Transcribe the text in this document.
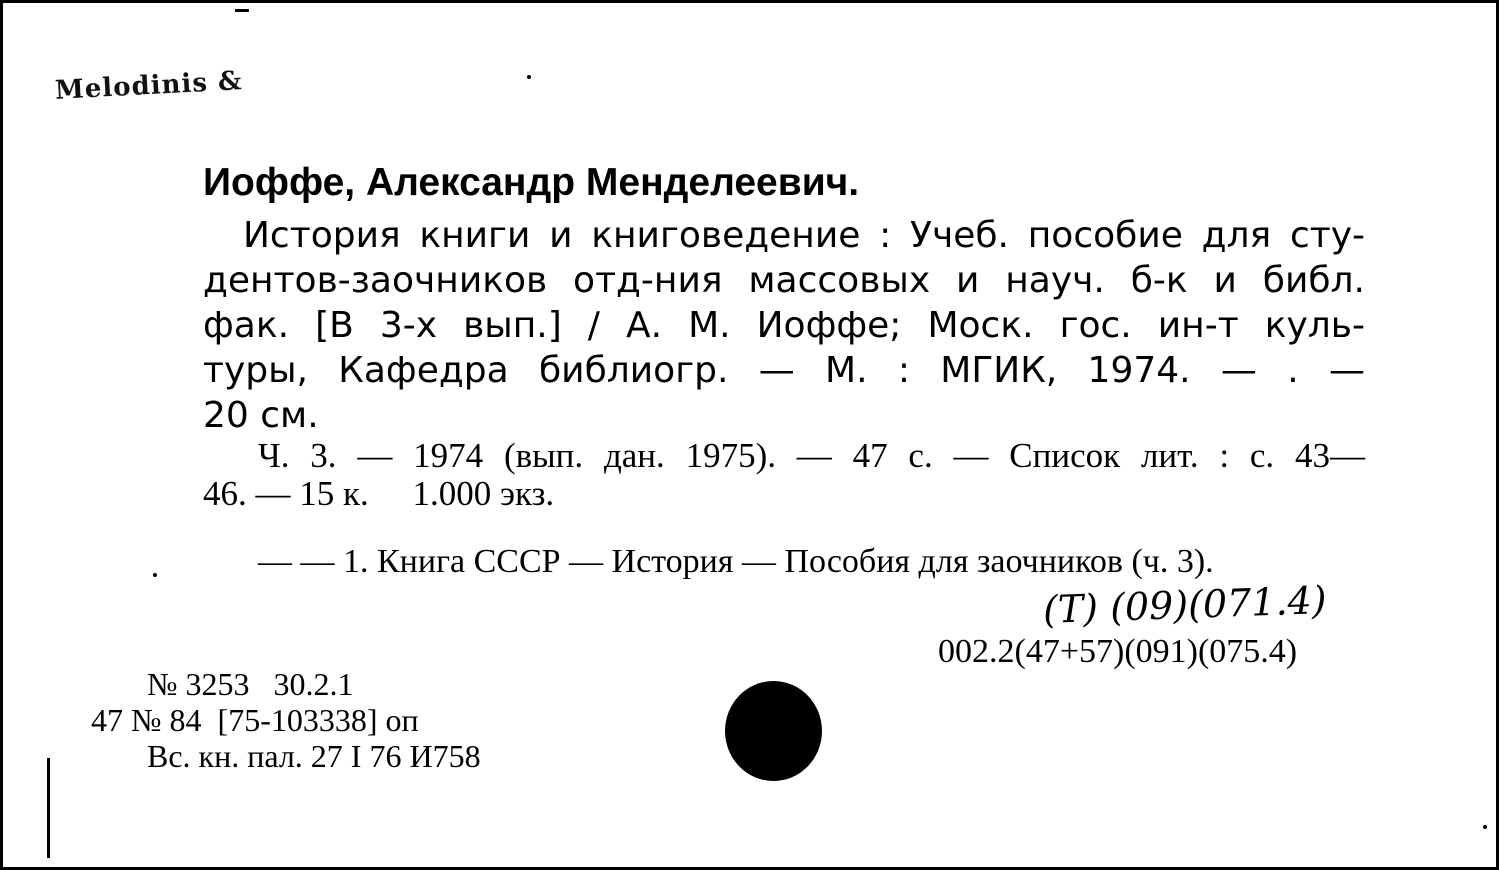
Melodinis &
Иоффе, Александр Менделеевич.
История книги и книговедение : Учеб. пособие для сту-
дентов-заочников отд-ния массовых и науч. б-к и библ.
фак. [В 3-х вып.] / А. М. Иоффе; Моск. гос. ин-т куль-
туры, Кафедра библиогр. — М. : МГИК, 1974. — . —
20 см.
Ч. 3. — 1974 (вып. дан. 1975). — 47 с. — Список лит. : с. 43—
46. — 15 к.     1.000 экз.
— — 1. Книга СССР — История — Пособия для заочников (ч. 3).
(Т) (09)(071.4)
002.2(47+57)(091)(075.4)
№ 3253   30.2.1
47 № 84  [75-103338] оп
Вс. кн. пал. 27 I 76 И758
